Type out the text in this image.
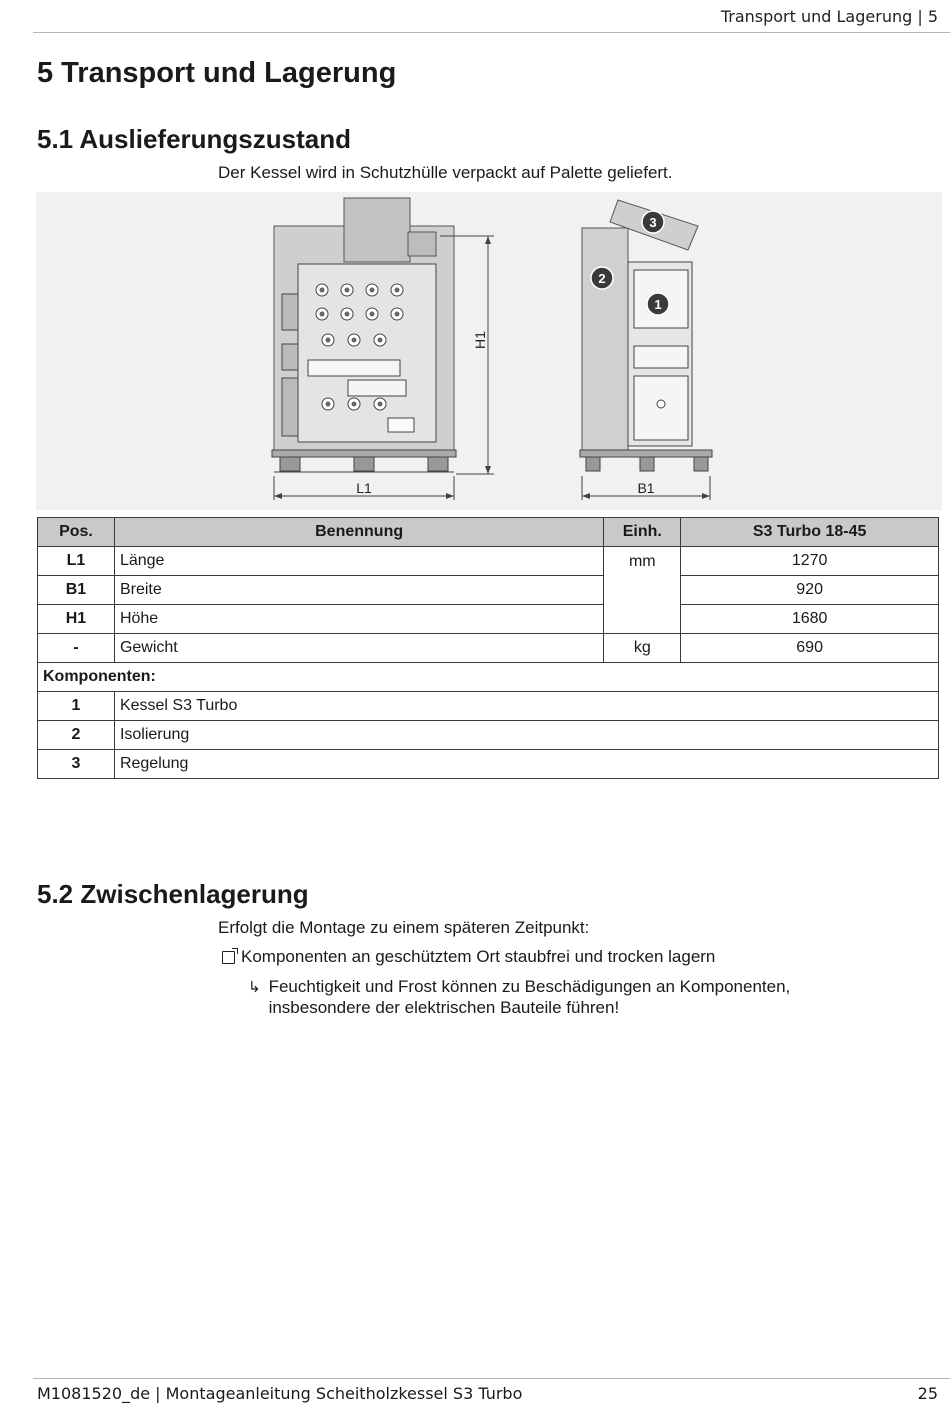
Transport und Lagerung | 5
5 Transport und Lagerung
5.1 Auslieferungszustand
Der Kessel wird in Schutzhülle verpackt auf Palette geliefert.
L1
H1
B1
1
2
3
Pos.	Benennung	Einh.	S3 Turbo 18-45
L1	Länge	mm	1270
B1	Breite		920
H1	Höhe		1680
-	Gewicht	kg	690
Komponenten:			
1	Kessel S3 Turbo		
2	Isolierung		
3	Regelung		
5.2 Zwischenlagerung
Erfolgt die Montage zu einem späteren Zeitpunkt:
Komponenten an geschütztem Ort staubfrei und trocken lagern
↳ Feuchtigkeit und Frost können zu Beschädigungen an Komponenten, insbesondere der elektrischen Bauteile führen!
M1081520_de | Montageanleitung Scheitholzkessel S3 Turbo	25
